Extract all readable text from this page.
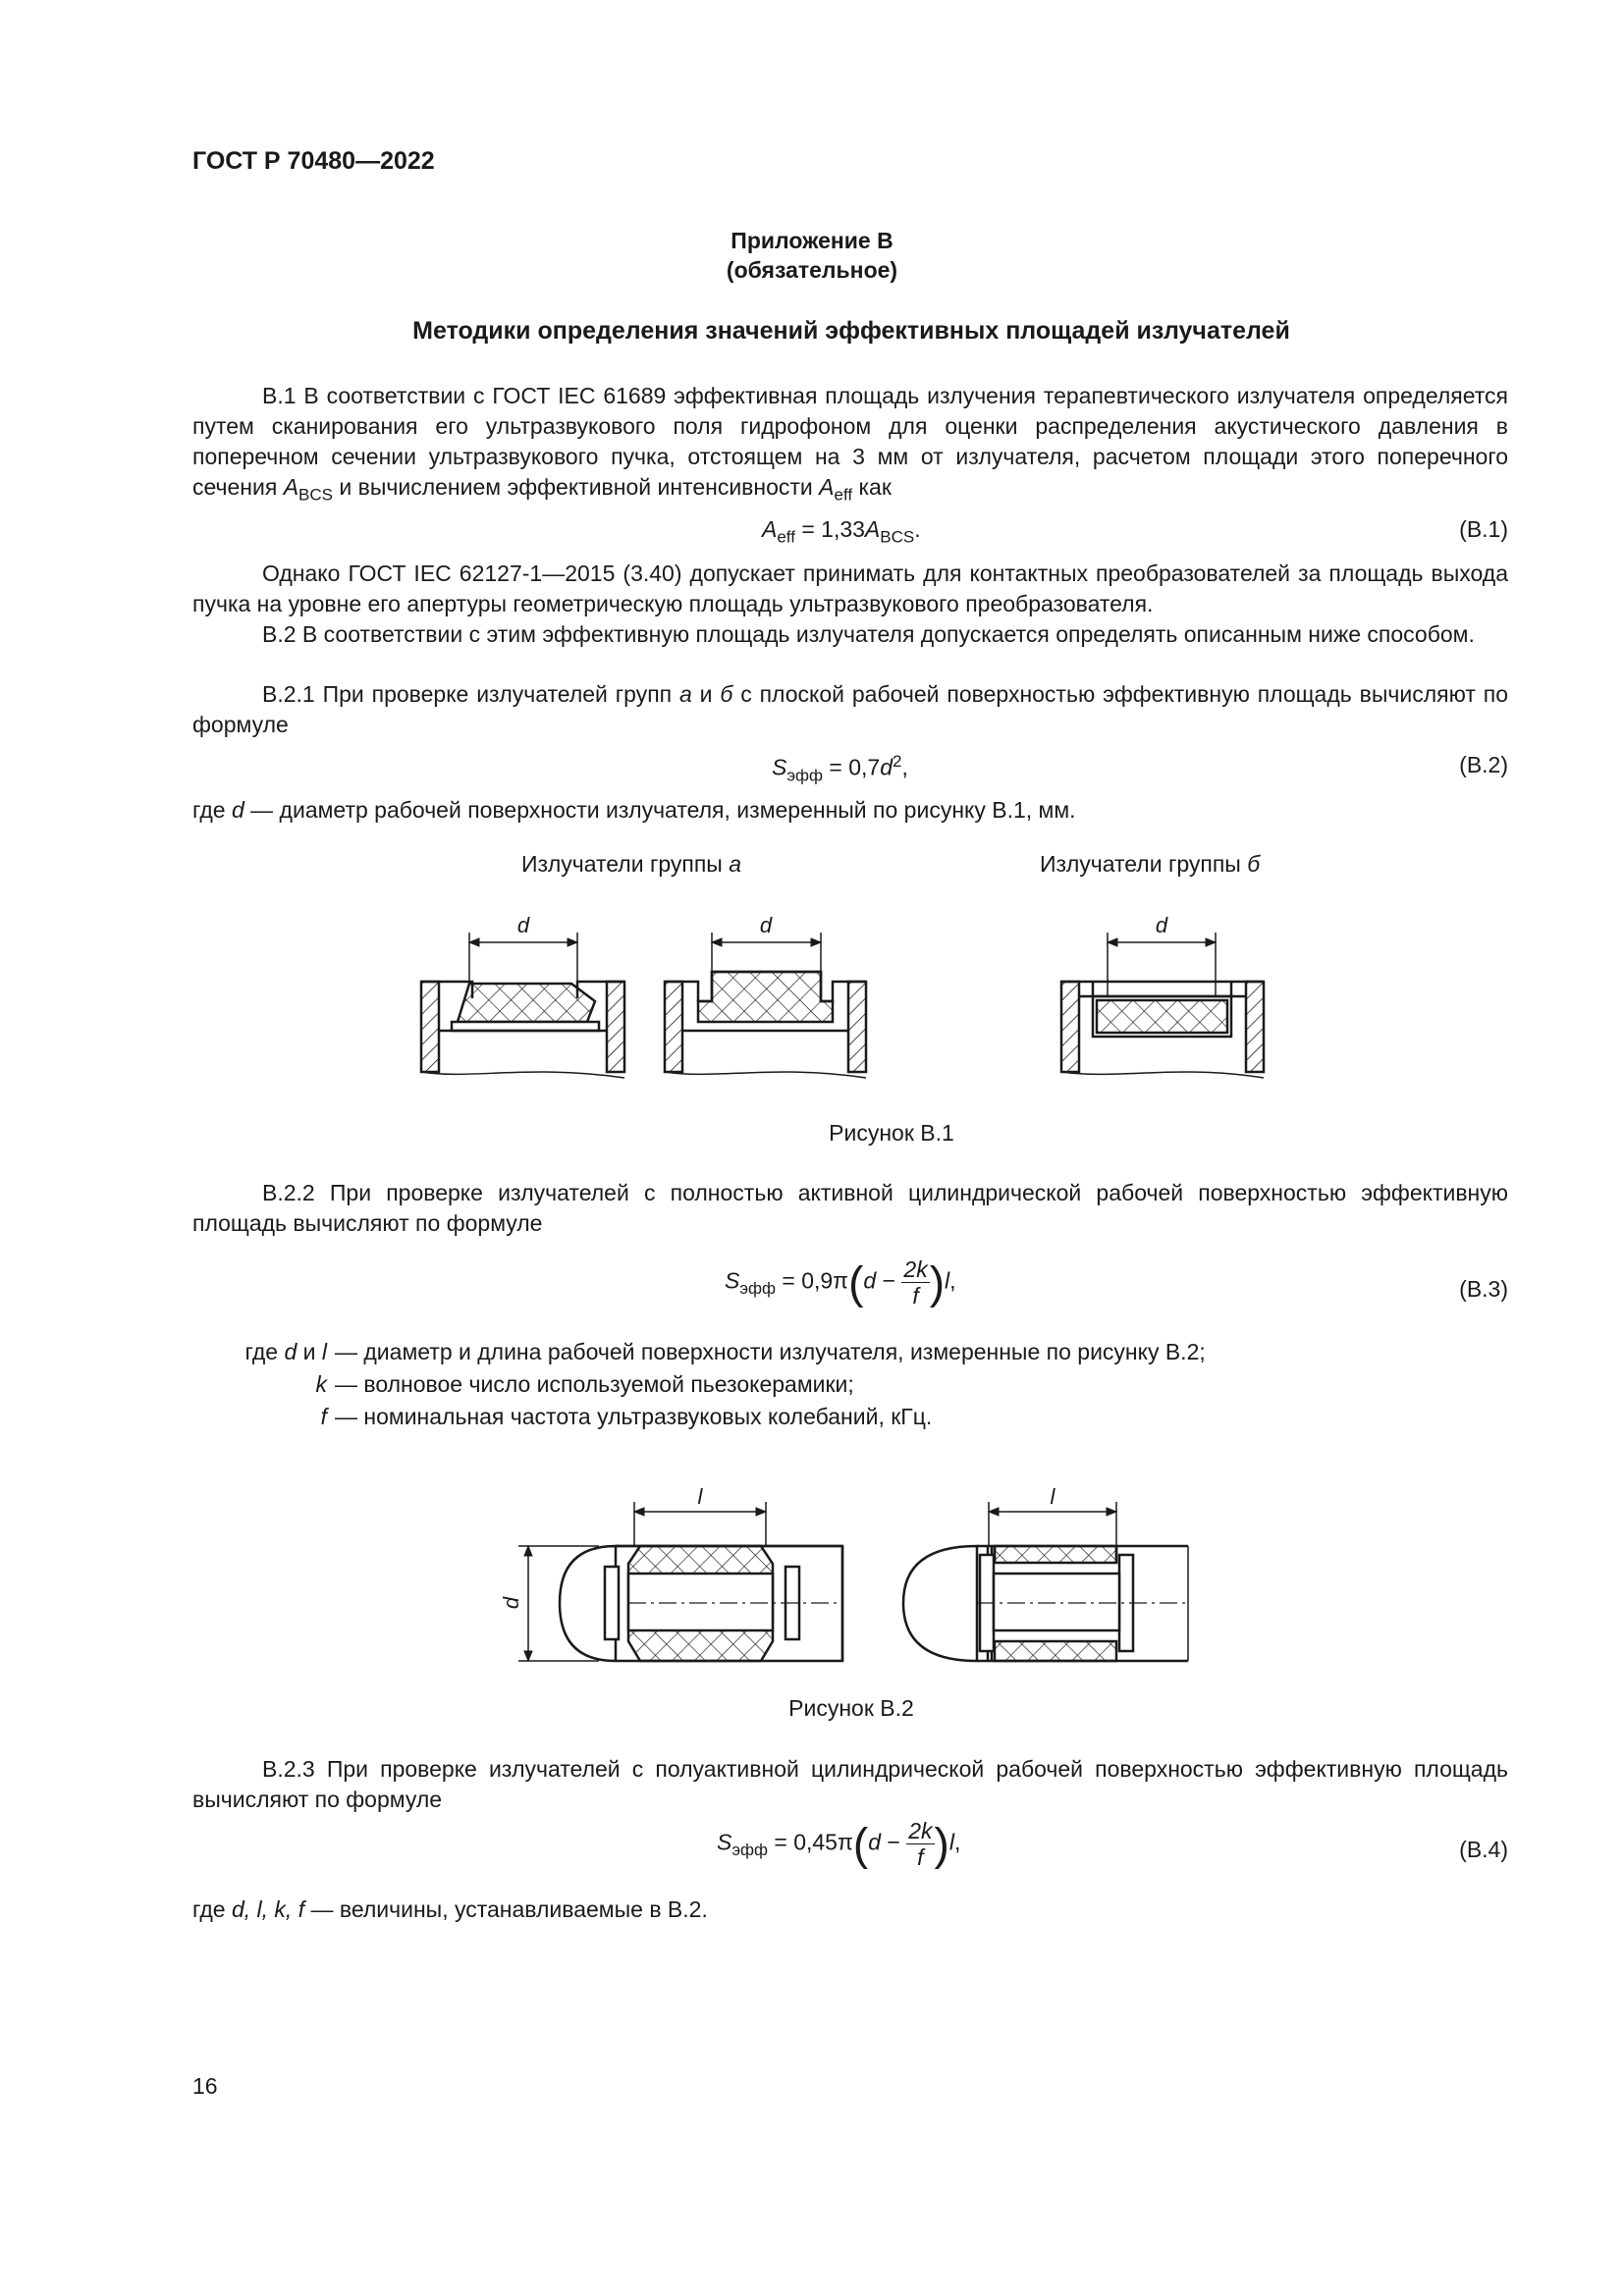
ГОСТ Р 70480—2022
Приложение В
(обязательное)
Методики определения значений эффективных площадей излучателей

В.1 В соответствии с ГОСТ IEC 61689 эффективная площадь излучения терапевтического излучателя определяется путем сканирования его ультразвукового поля гидрофоном для оценки распределения акустического давления в поперечном сечении ультразвукового пучка, отстоящем на 3 мм от излучателя, расчетом площади этого поперечного сечения $A_{BCS}$ и вычислением эффективной интенсивности $A_{eff}$ как

$A_{eff} = 1,33A_{BCS}$.	(В.1)

Однако ГОСТ IEC 62127-1—2015 (3.40) допускает принимать для контактных преобразователей за площадь выхода пучка на уровне его апертуры геометрическую площадь ультразвукового преобразователя.

В.2 В соответствии с этим эффективную площадь излучателя допускается определять описанным ниже способом.

В.2.1 При проверке излучателей групп а и б с плоской рабочей поверхностью эффективную площадь вычисляют по формуле

$S_{эфф} = 0,7d^2$,	(В.2)
где d — диаметр рабочей поверхности излучателя, измеренный по рисунку В.1, мм.
Излучатели группы а	Излучатели группы б
d	d	d
l	l
d
Рисунок В.1

В.2.2 При проверке излучателей с полностью активной цилиндрической рабочей поверхностью эффективную площадь вычисляют по формуле

$S_{эфф} = 0,9\pi(d - \frac{2k}{f} )l$,	(В.3)
где d и l — диаметр и длина рабочей поверхности излучателя, измеренные по рисунку В.2;
k — волновое число используемой пьезокерамики;
f — номинальная частота ультразвуковых колебаний, кГц.
Рисунок В.2

В.2.3 При проверке излучателей с полуактивной цилиндрической рабочей поверхностью эффективную площадь вычисляют по формуле

$S_{эфф} = 0,45\pi(d - \frac{2k}{f} )l$,	(В.4)
где d, l, k, f — величины, устанавливаемые в В.2.
16
